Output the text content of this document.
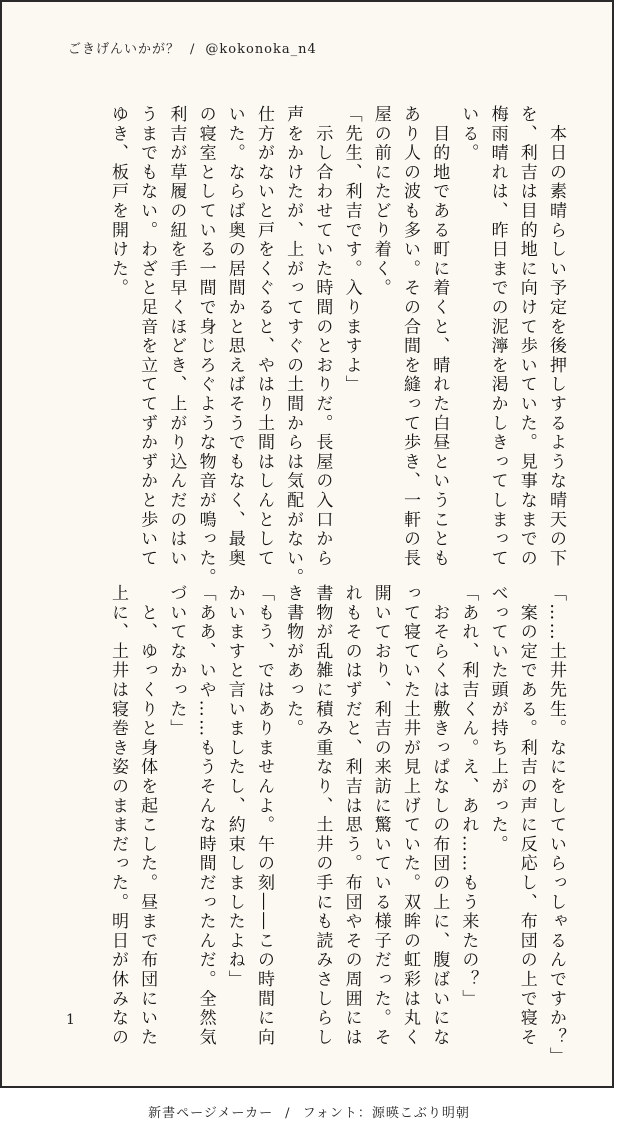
ごきげんいかが？ / @kokonoka_n4
　本日の素晴らしい予定を後押しするような晴天の下
を、利吉は目的地に向けて歩いていた。見事なまでの
梅雨晴れは、昨日までの泥濘を渇かしきってしまって
いる。
　目的地である町に着くと、晴れた白昼ということも
あり人の波も多い。その合間を縫って歩き、一軒の長
屋の前にたどり着く。
「先生、利吉です。入りますよ」
　示し合わせていた時間のとおりだ。長屋の入口から
声をかけたが、上がってすぐの土間からは気配がない。
仕方がないと戸をくぐると、やはり土間はしんとして
いた。ならば奥の居間かと思えばそうでもなく、最奥
の寝室としている一間で身じろぐような物音が鳴った。
利吉が草履の紐を手早くほどき、上がり込んだのはい
うまでもない。わざと足音を立ててずかずかと歩いて
ゆき、板戸を開けた。
「……土井先生。なにをしていらっしゃるんですか？」
　案の定である。利吉の声に反応し、布団の上で寝そ
べっていた頭が持ち上がった。
「あれ、利吉くん。え、あれ……もう来たの？」
　おそらくは敷きっぱなしの布団の上に、腹ばいにな
って寝ていた土井が見上げていた。双眸の虹彩は丸く
開いており、利吉の来訪に驚いている様子だった。そ
れもそのはずだと、利吉は思う。布団やその周囲には
書物が乱雑に積み重なり、土井の手にも読みさしらし
き書物があった。
「もう、ではありませんよ。午の刻――この時間に向
かいますと言いましたし、約束しましたよね」
「ああ、いや……もうそんな時間だったんだ。全然気
づいてなかった」
　と、ゆっくりと身体を起こした。昼まで布団にいた
上に、土井は寝巻き姿のままだった。明日が休みなの
1
新書ページメーカー / フォント：源暎こぶり明朝
